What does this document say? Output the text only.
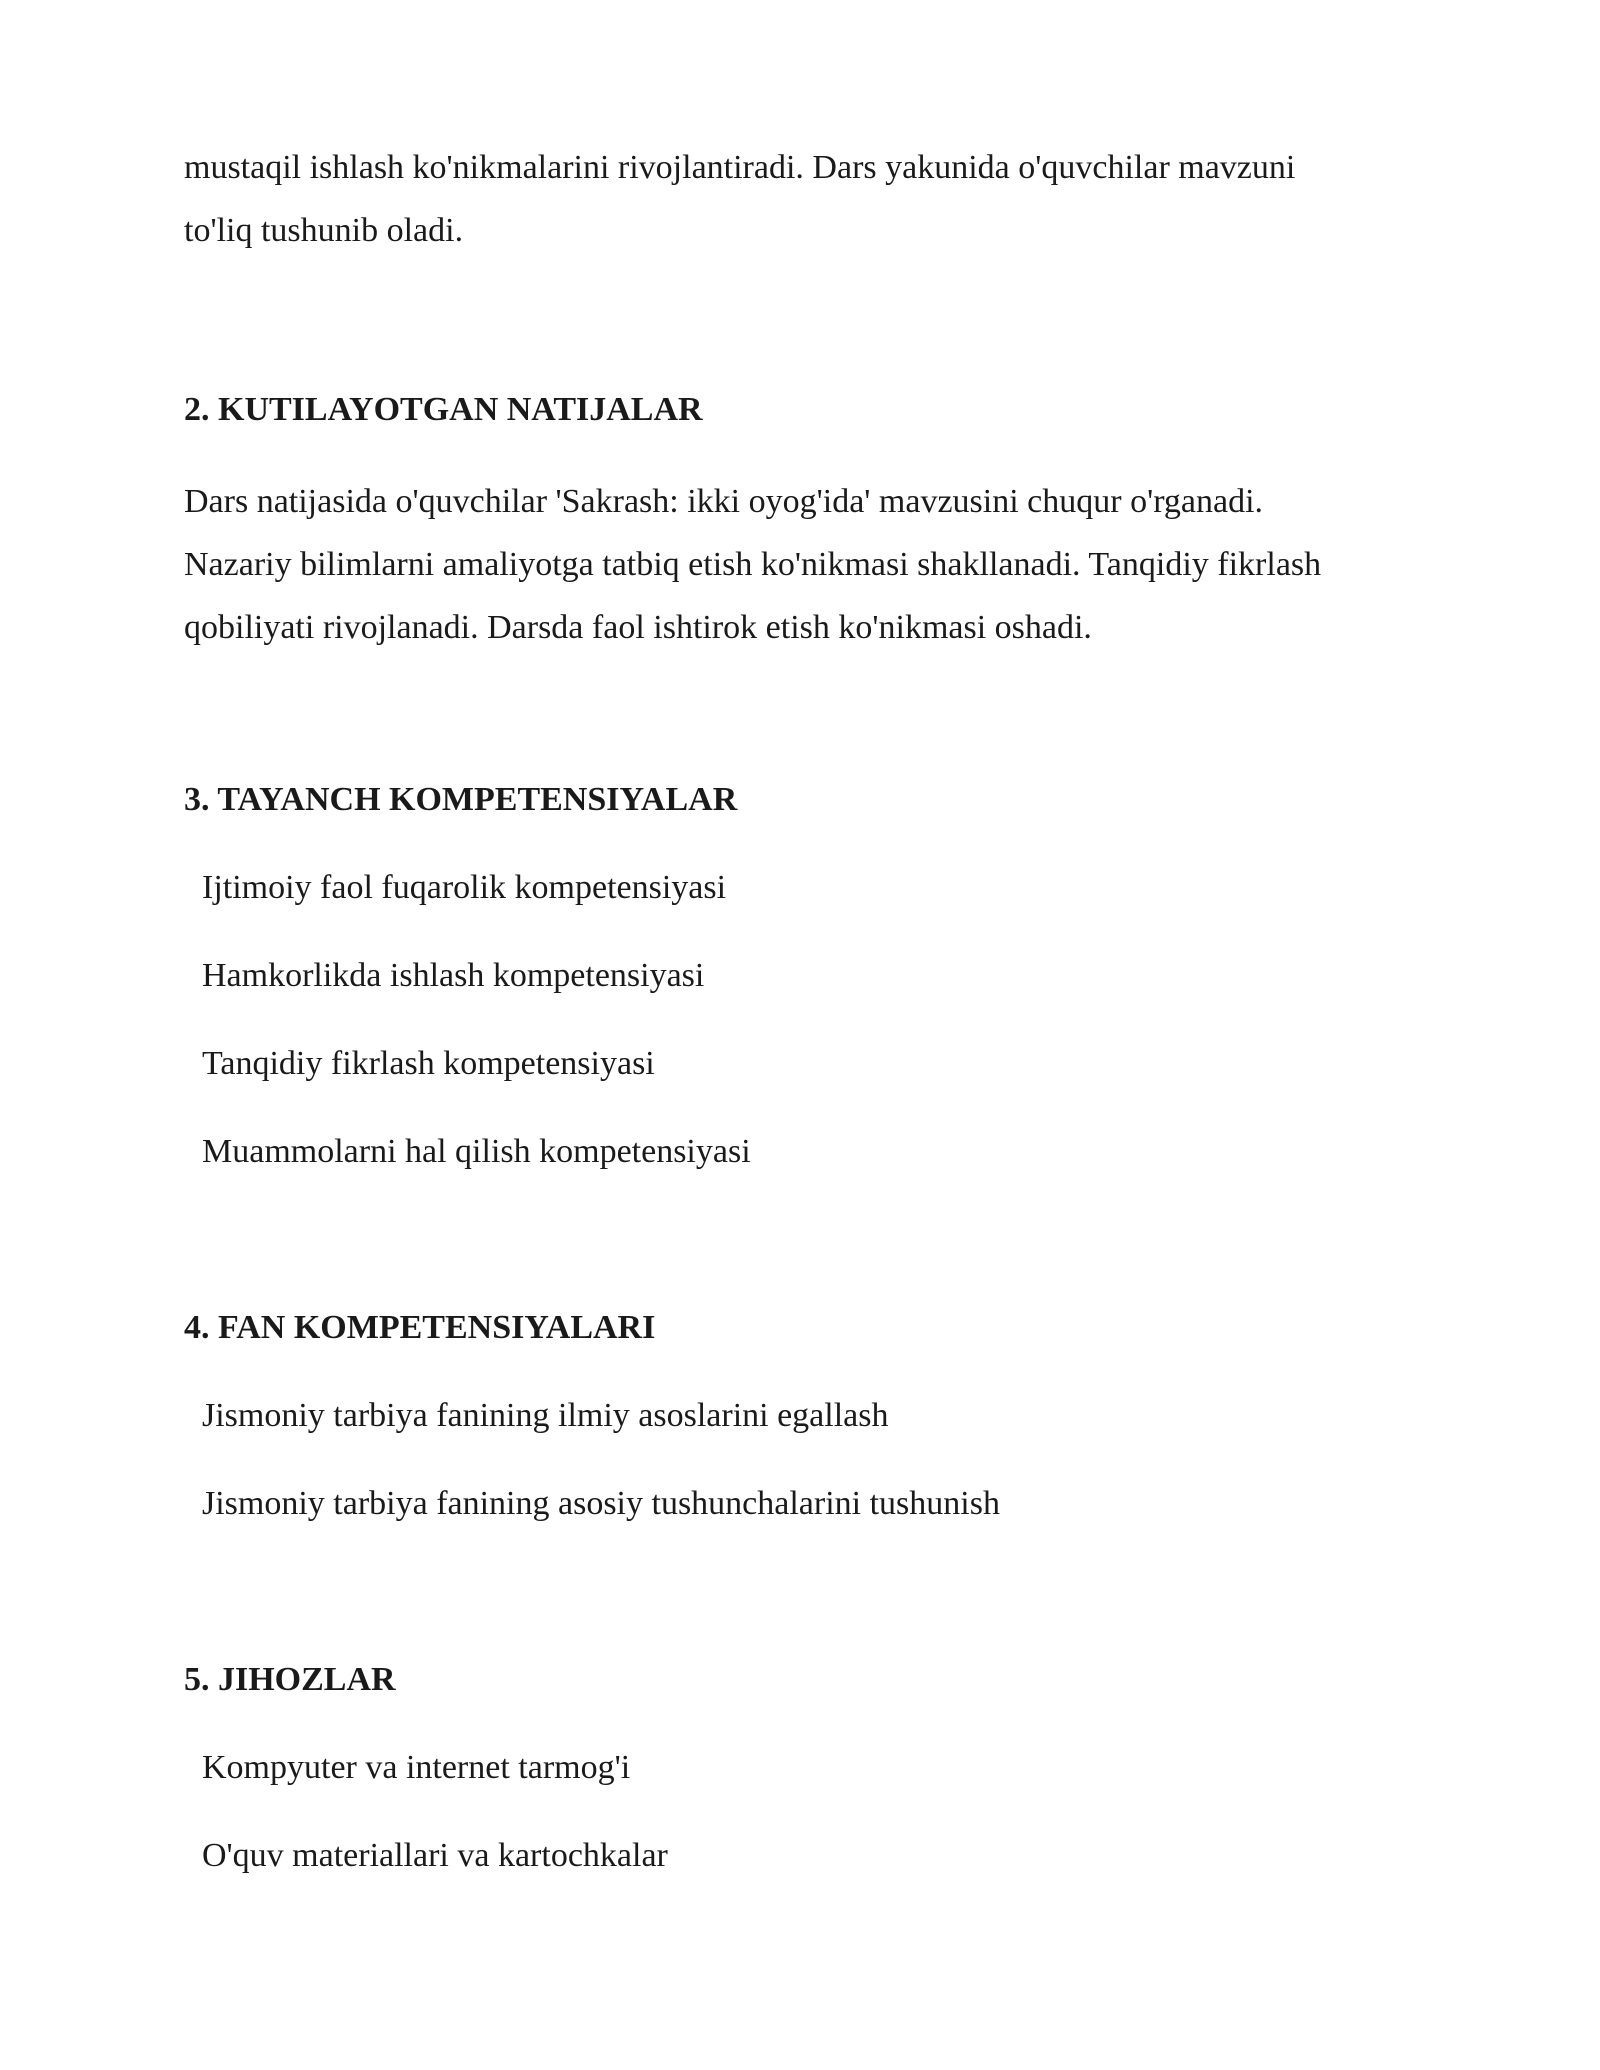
mustaqil ishlash ko'nikmalarini rivojlantiradi. Dars yakunida o'quvchilar mavzuni

to'liq tushunib oladi.

2. KUTILAYOTGAN NATIJALAR

Dars natijasida o'quvchilar 'Sakrash: ikki oyog'ida' mavzusini chuqur o'rganadi.

Nazariy bilimlarni amaliyotga tatbiq etish ko'nikmasi shakllanadi. Tanqidiy fikrlash

qobiliyati rivojlanadi. Darsda faol ishtirok etish ko'nikmasi oshadi.

3. TAYANCH KOMPETENSIYALAR

Ijtimoiy faol fuqarolik kompetensiyasi

Hamkorlikda ishlash kompetensiyasi

Tanqidiy fikrlash kompetensiyasi

Muammolarni hal qilish kompetensiyasi

4. FAN KOMPETENSIYALARI

Jismoniy tarbiya fanining ilmiy asoslarini egallash

Jismoniy tarbiya fanining asosiy tushunchalarini tushunish

5. JIHOZLAR

Kompyuter va internet tarmog'i

O'quv materiallari va kartochkalar
